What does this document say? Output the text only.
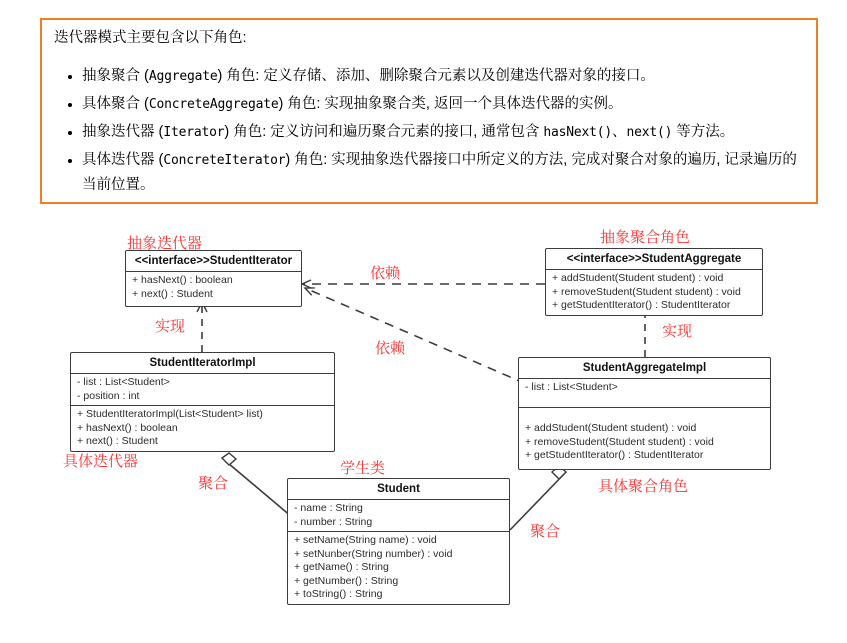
迭代器模式主要包含以下角色:
抽象聚合 (Aggregate) 角色: 定义存储、添加、删除聚合元素以及创建迭代器对象的接口。
具体聚合 (ConcreteAggregate) 角色: 实现抽象聚合类, 返回一个具体迭代器的实例。
抽象迭代器 (Iterator) 角色: 定义访问和遍历聚合元素的接口, 通常包含 hasNext()、next() 等方法。
具体迭代器 (ConcreteIterator) 角色: 实现抽象迭代器接口中所定义的方法, 完成对聚合对象的遍历, 记录遍历的当前位置。
<<interface>>StudentIterator
+ hasNext() : boolean
+ next() : Student
<<interface>>StudentAggregate
+ addStudent(Student student) : void
+ removeStudent(Student student) : void
+ getStudentIterator() : StudentIterator
StudentIteratorImpl
- list : List<Student>
- position : int
+ StudentIteratorImpl(List<Student> list)
+ hasNext() : boolean
+ next() : Student
StudentAggregateImpl
- list : List<Student>
+ addStudent(Student student) : void
+ removeStudent(Student student) : void
+ getStudentIterator() : StudentIterator
Student
- name : String
- number : String
+ setName(String name) : void
+ setNunber(String number) : void
+ getName() : String
+ getNumber() : String
+ toString() : String
抽象迭代器	抽象聚合角色
依赖
依赖
实现	实现
具体迭代器	学生类
具体聚合角色
聚合
聚合
